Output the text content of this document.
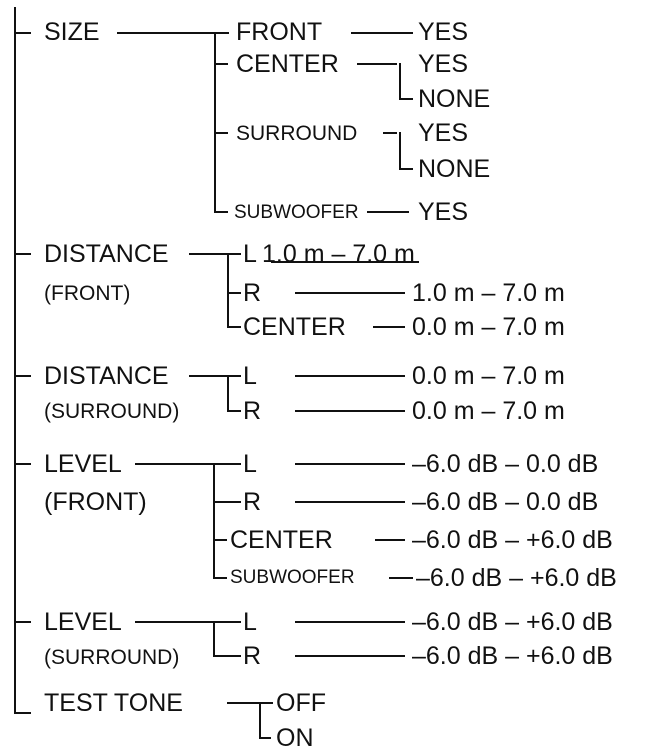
SIZE	FRONT	YES
CENTER	YES
NONE
SURROUND YES
NONE
SUBWOOFER YES
DISTANCE
(FRONT)
L 1.0 m – 7.0 m
R	1.0 m – 7.0 m
CENTER	0.0 m – 7.0 m
DISTANCE
(SURROUND)
L	0.0 m – 7.0 m
R	0.0 m – 7.0 m
LEVEL
(FRONT)
L	–6.0 dB – 0.0 dB
R	–6.0 dB – 0.0 dB
CENTER	–6.0 dB – +6.0 dB
SUBWOOFER –6.0 dB – +6.0 dB
LEVEL
(SURROUND)
L	–6.0 dB – +6.0 dB
R	–6.0 dB – +6.0 dB
TEST TONE	OFF
ON
